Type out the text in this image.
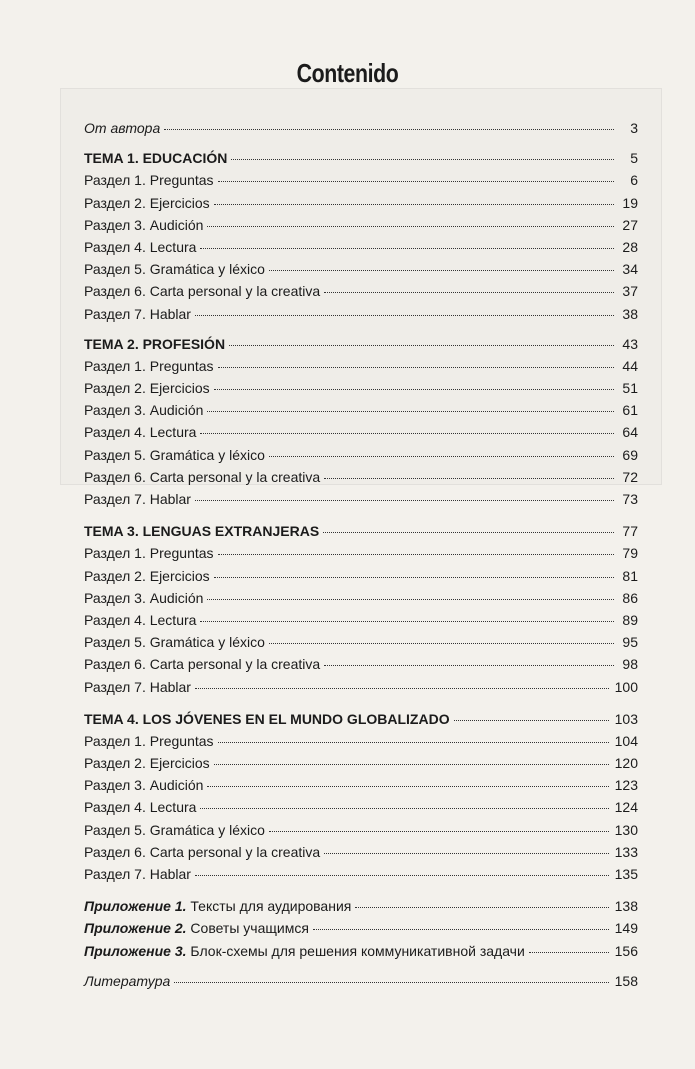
Contenido
От автора	3
TEMA 1. EDUCACIÓN	5
Раздел 1. Preguntas	6
Раздел 2. Ejercicios	19
Раздел 3. Audición	27
Раздел 4. Lectura	28
Раздел 5. Gramática y léxico	34
Раздел 6. Carta personal y la creativa	37
Раздел 7. Hablar	38
TEMA 2. PROFESIÓN	43
Раздел 1. Preguntas	44
Раздел 2. Ejercicios	51
Раздел 3. Audición	61
Раздел 4. Lectura	64
Раздел 5. Gramática y léxico	69
Раздел 6. Carta personal y la creativa	72
Раздел 7. Hablar	73
TEMA 3. LENGUAS EXTRANJERAS	77
Раздел 1. Preguntas	79
Раздел 2. Ejercicios	81
Раздел 3. Audición	86
Раздел 4. Lectura	89
Раздел 5. Gramática y léxico	95
Раздел 6. Carta personal y la creativa	98
Раздел 7. Hablar	100
TEMA 4. LOS JÓVENES EN EL MUNDO GLOBALIZADO	103
Раздел 1. Preguntas	104
Раздел 2. Ejercicios	120
Раздел 3. Audición	123
Раздел 4. Lectura	124
Раздел 5. Gramática y léxico	130
Раздел 6. Carta personal y la creativa	133
Раздел 7. Hablar	135
Приложение 1. Тексты для аудирования	138
Приложение 2. Советы учащимся	149
Приложение 3. Блок-схемы для решения коммуникативной задачи	156
Литература	158
